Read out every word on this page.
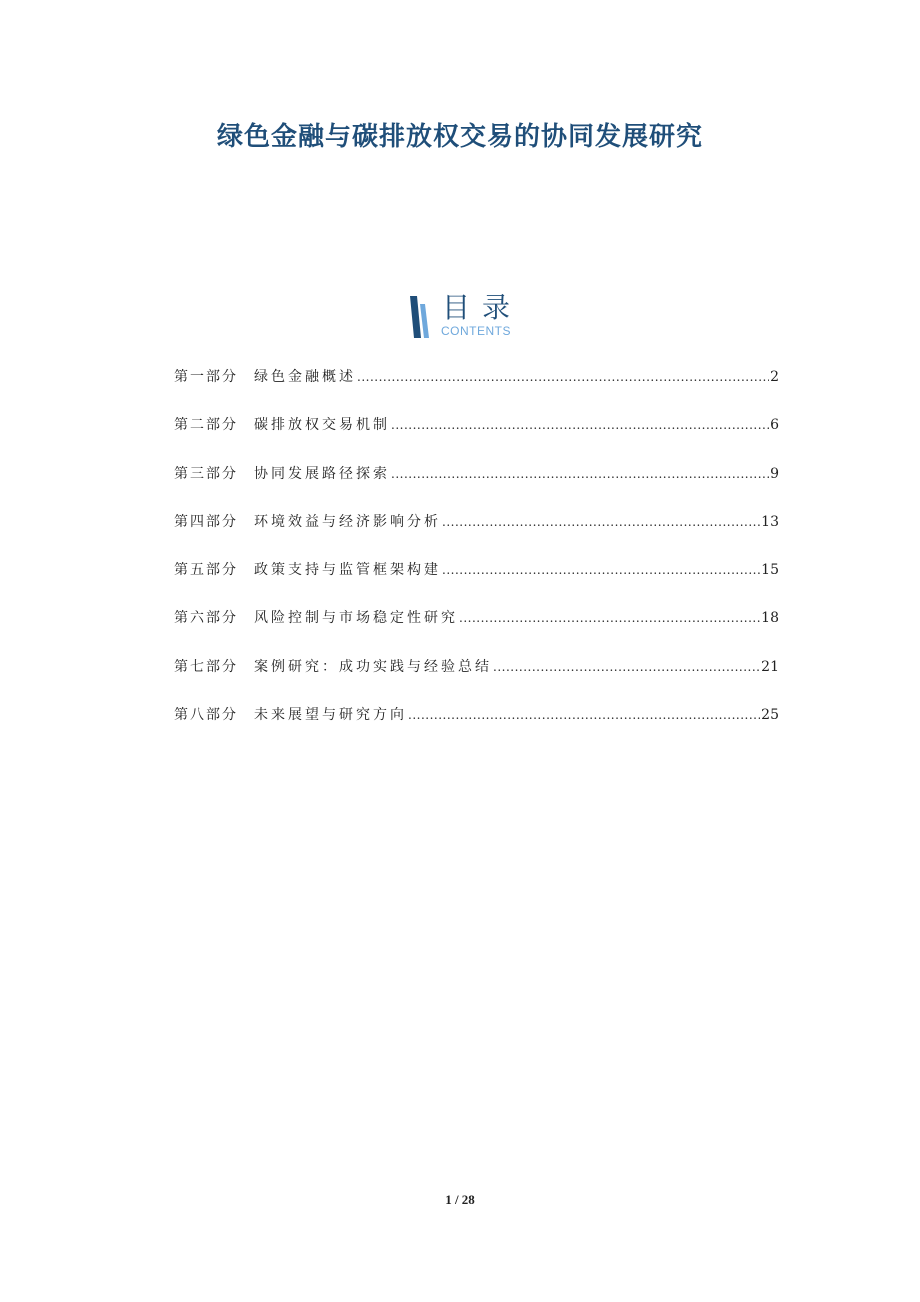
绿色金融与碳排放权交易的协同发展研究
目录
CONTENTS
第一部分	绿色金融概述 .....	2
第二部分	碳排放权交易机制 .....	6
第三部分	协同发展路径探索 .....	9
第四部分	环境效益与经济影响分析 .....	13
第五部分	政策支持与监管框架构建 .....	15
第六部分	风险控制与市场稳定性研究 .....	18
第七部分	案例研究：成功实践与经验总结 .....	21
第八部分	未来展望与研究方向 .....	25
1 / 28
